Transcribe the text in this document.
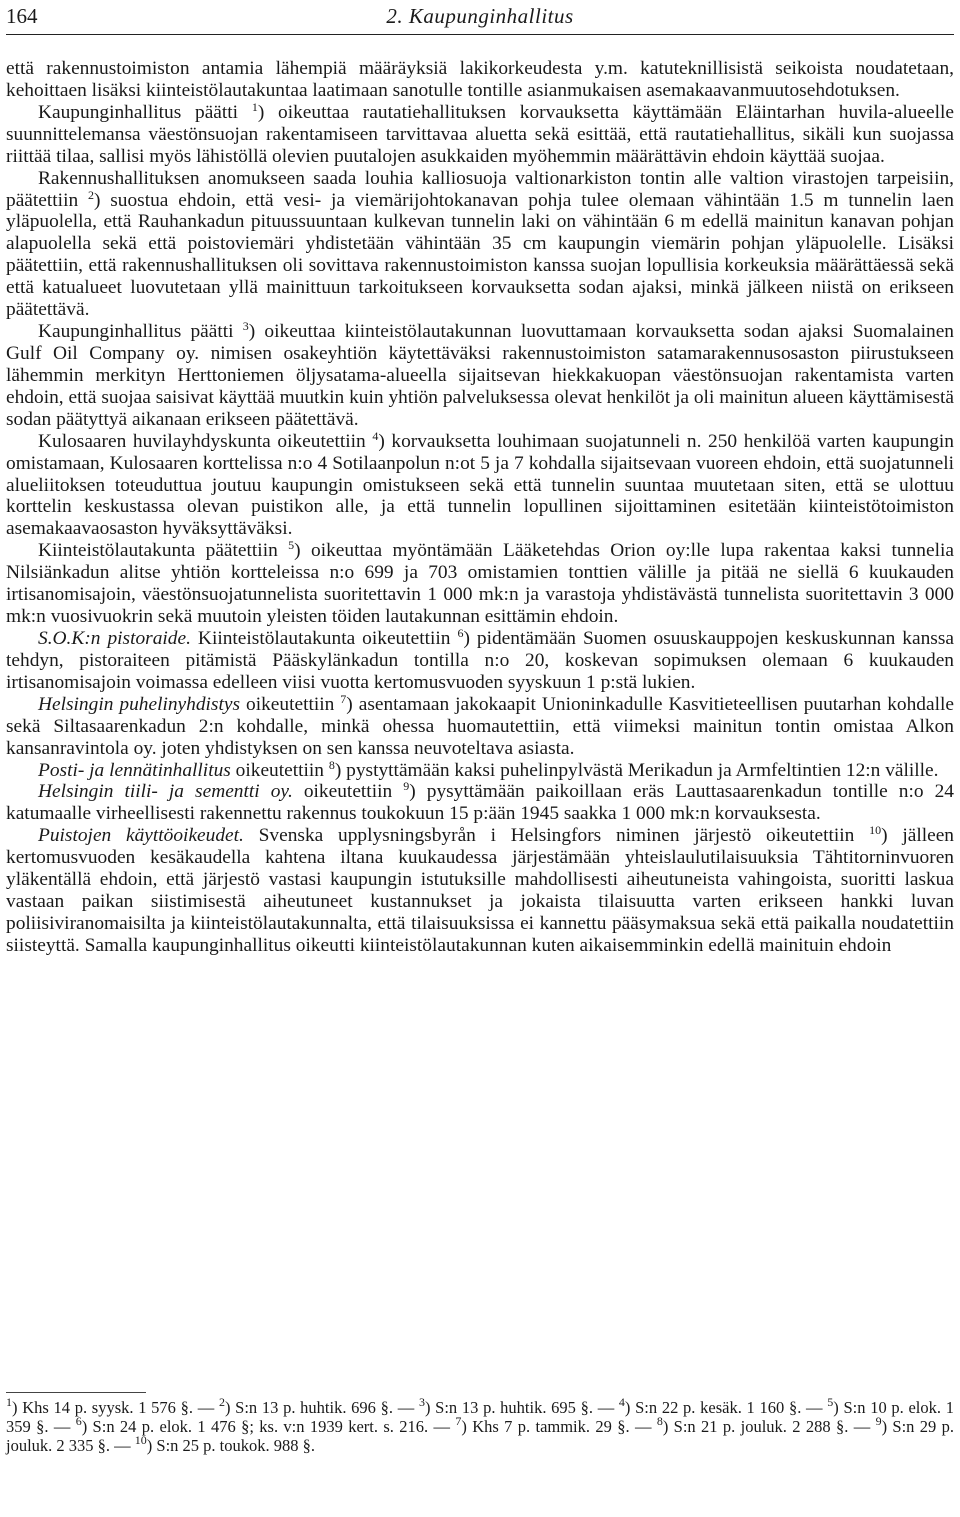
164	2. Kaupunginhallitus

että rakennustoimiston antamia lähempiä määräyksiä lakikorkeudesta y.m. katuteknillisistä seikoista noudatetaan, kehoittaen lisäksi kiinteistölautakuntaa laatimaan sanotulle tontille asianmukaisen asemakaavanmuutosehdotuksen.

Kaupunginhallitus päätti $^1$) oikeuttaa rautatiehallituksen korvauksetta käyttämään Eläintarhan huvila-alueelle suunnittelemansa väestönsuojan rakentamiseen tarvittavaa aluetta sekä esittää, että rautatiehallitus, sikäli kun suojassa riittää tilaa, sallisi myös lähistöllä olevien puutalojen asukkaiden myöhemmin määrättävin ehdoin käyttää suojaa.

Rakennushallituksen anomukseen saada louhia kalliosuoja valtionarkiston tontin alle valtion virastojen tarpeisiin, päätettiin $^2$) suostua ehdoin, että vesi- ja viemärijohtokanavan pohja tulee olemaan vähintään 1.5 m tunnelin laen yläpuolella, että Rauhankadun pituussuuntaan kulkevan tunnelin laki on vähintään 6 m edellä mainitun kanavan pohjan alapuolella sekä että poistoviemäri yhdistetään vähintään 35 cm kaupungin viemärin pohjan yläpuolelle. Lisäksi päätettiin, että rakennushallituksen oli sovittava rakennustoimiston kanssa suojan lopullisia korkeuksia määrättäessä sekä että katualueet luovutetaan yllä mainittuun tarkoitukseen korvauksetta sodan ajaksi, minkä jälkeen niistä on erikseen päätettävä.

Kaupunginhallitus päätti $^3$) oikeuttaa kiinteistölautakunnan luovuttamaan korvauksetta sodan ajaksi Suomalainen Gulf Oil Company oy. nimisen osakeyhtiön käytettäväksi rakennustoimiston satamarakennusosaston piirustukseen lähemmin merkityn Herttoniemen öljysatama-alueella sijaitsevan hiekkakuopan väestönsuojan rakentamista varten ehdoin, että suojaa saisivat käyttää muutkin kuin yhtiön palveluksessa olevat henkilöt ja oli mainitun alueen käyttämisestä sodan päätyttyä aikanaan erikseen päätettävä.

Kulosaaren huvilayhdyskunta oikeutettiin $^4$) korvauksetta louhimaan suojatunneli n. 250 henkilöä varten kaupungin omistamaan, Kulosaaren korttelissa n:o 4 Sotilaanpolun n:ot 5 ja 7 kohdalla sijaitsevaan vuoreen ehdoin, että suojatunneli alueliitoksen toteuduttua joutuu kaupungin omistukseen sekä että tunnelin suuntaa muutetaan siten, että se ulottuu korttelin keskustassa olevan puistikon alle, ja että tunnelin lopullinen sijoittaminen esitetään kiinteistötoimiston asemakaavaosaston hyväksyttäväksi.

Kiinteistölautakunta päätettiin $^5$) oikeuttaa myöntämään Lääketehdas Orion oy:lle lupa rakentaa kaksi tunnelia Nilsiänkadun alitse yhtiön kortteleissa n:o 699 ja 703 omistamien tonttien välille ja pitää ne siellä 6 kuukauden irtisanomisajoin, väestönsuojatunnelista suoritettavin 1 000 mk:n ja varastoja yhdistävästä tunnelista suoritettavin 3 000 mk:n vuosivuokrin sekä muutoin yleisten töiden lautakunnan esittämin ehdoin.

S.O.K:n pistoraide. Kiinteistölautakunta oikeutettiin $^6$) pidentämään Suomen osuuskauppojen keskuskunnan kanssa tehdyn, pistoraiteen pitämistä Pääskylänkadun tontilla n:o 20, koskevan sopimuksen olemaan 6 kuukauden irtisanomisajoin voimassa edelleen viisi vuotta kertomusvuoden syyskuun 1 p:stä lukien.

Helsingin puhelinyhdistys oikeutettiin $^7$) asentamaan jakokaapit Unioninkadulle Kasvitieteellisen puutarhan kohdalle sekä Siltasaarenkadun 2:n kohdalle, minkä ohessa huomautettiin, että viimeksi mainitun tontin omistaa Alkon kansanravintola oy. joten yhdistyksen on sen kanssa neuvoteltava asiasta.

Posti- ja lennätinhallitus oikeutettiin $^8$) pystyttämään kaksi puhelinpylvästä Merikadun ja Armfeltintien 12:n välille.

Helsingin tiili- ja sementti oy. oikeutettiin $^9$) pysyttämään paikoillaan eräs Lauttasaarenkadun tontille n:o 24 katumaalle virheellisesti rakennettu rakennus toukokuun 15 p:ään 1945 saakka 1 000 mk:n korvauksesta.

Puistojen käyttöoikeudet. Svenska upplysningsbyrån i Helsingfors niminen järjestö oikeutettiin $^{10}$) jälleen kertomusvuoden kesäkaudella kahtena iltana kuukaudessa järjestämään yhteislaulutilaisuuksia Tähtitorninvuoren yläkentällä ehdoin, että järjestö vastasi kaupungin istutuksille mahdollisesti aiheutuneista vahingoista, suoritti laskua vastaan paikan siistimisestä aiheutuneet kustannukset ja jokaista tilaisuutta varten erikseen hankki luvan poliisiviranomaisilta ja kiinteistölautakunnalta, että tilaisuuksissa ei kannettu pääsymaksua sekä että paikalla noudatettiin siisteyttä. Samalla kaupunginhallitus oikeutti kiinteistölautakunnan kuten aikaisemminkin edellä mainituin ehdoin

$^1$) Khs 14 p. syysk. 1 576 §. — $^2$) S:n 13 p. huhtik. 696 §. — $^3$) S:n 13 p. huhtik. 695 §. — $^4$) S:n 22 p. kesäk. 1 160 §. — $^5$) S:n 10 p. elok. 1 359 §. — $^6$) S:n 24 p. elok. 1 476 §; ks. v:n 1939 kert. s. 216. — $^7$) Khs 7 p. tammik. 29 §. — $^8$) S:n 21 p. jouluk. 2 288 §. — $^9$) S:n 29 p. jouluk. 2 335 §. — $^{10}$) S:n 25 p. toukok. 988 §.
